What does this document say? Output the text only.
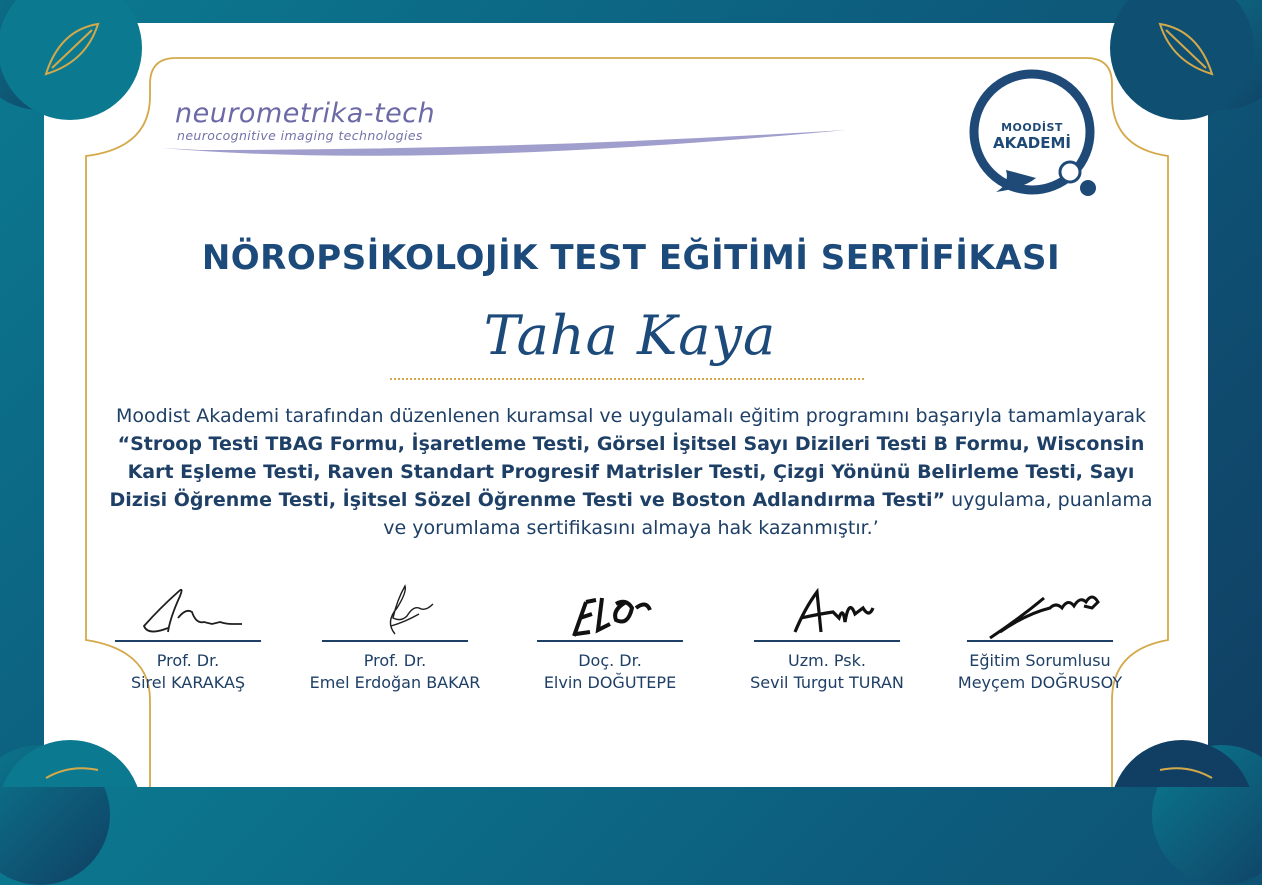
neurometrika-tech
neurocognitive imaging technologies
MOODİST
AKADEMİ
NÖROPSİKOLOJİK TEST EĞİTİMİ SERTİFİKASI
Taha Kaya
Moodist Akademi tarafından düzenlenen kuramsal ve uygulamalı eğitim programını başarıyla tamamlayarak “Stroop Testi TBAG Formu, İşaretleme Testi, Görsel İşitsel Sayı Dizileri Testi B Formu, Wisconsin Kart Eşleme Testi, Raven Standart Progresif Matrisler Testi, Çizgi Yönünü Belirleme Testi, Sayı Dizisi Öğrenme Testi, İşitsel Sözel Öğrenme Testi ve Boston Adlandırma Testi” uygulama, puanlama ve yorumlama sertifikasını almaya hak kazanmıştır.’
Prof. Dr.
Sirel KARAKAŞ
Prof. Dr.
Emel Erdoğan BAKAR
Doç. Dr.
Elvin DOĞUTEPE
Uzm. Psk.
Sevil Turgut TURAN
Eğitim Sorumlusu
Meyçem DOĞRUSOY
